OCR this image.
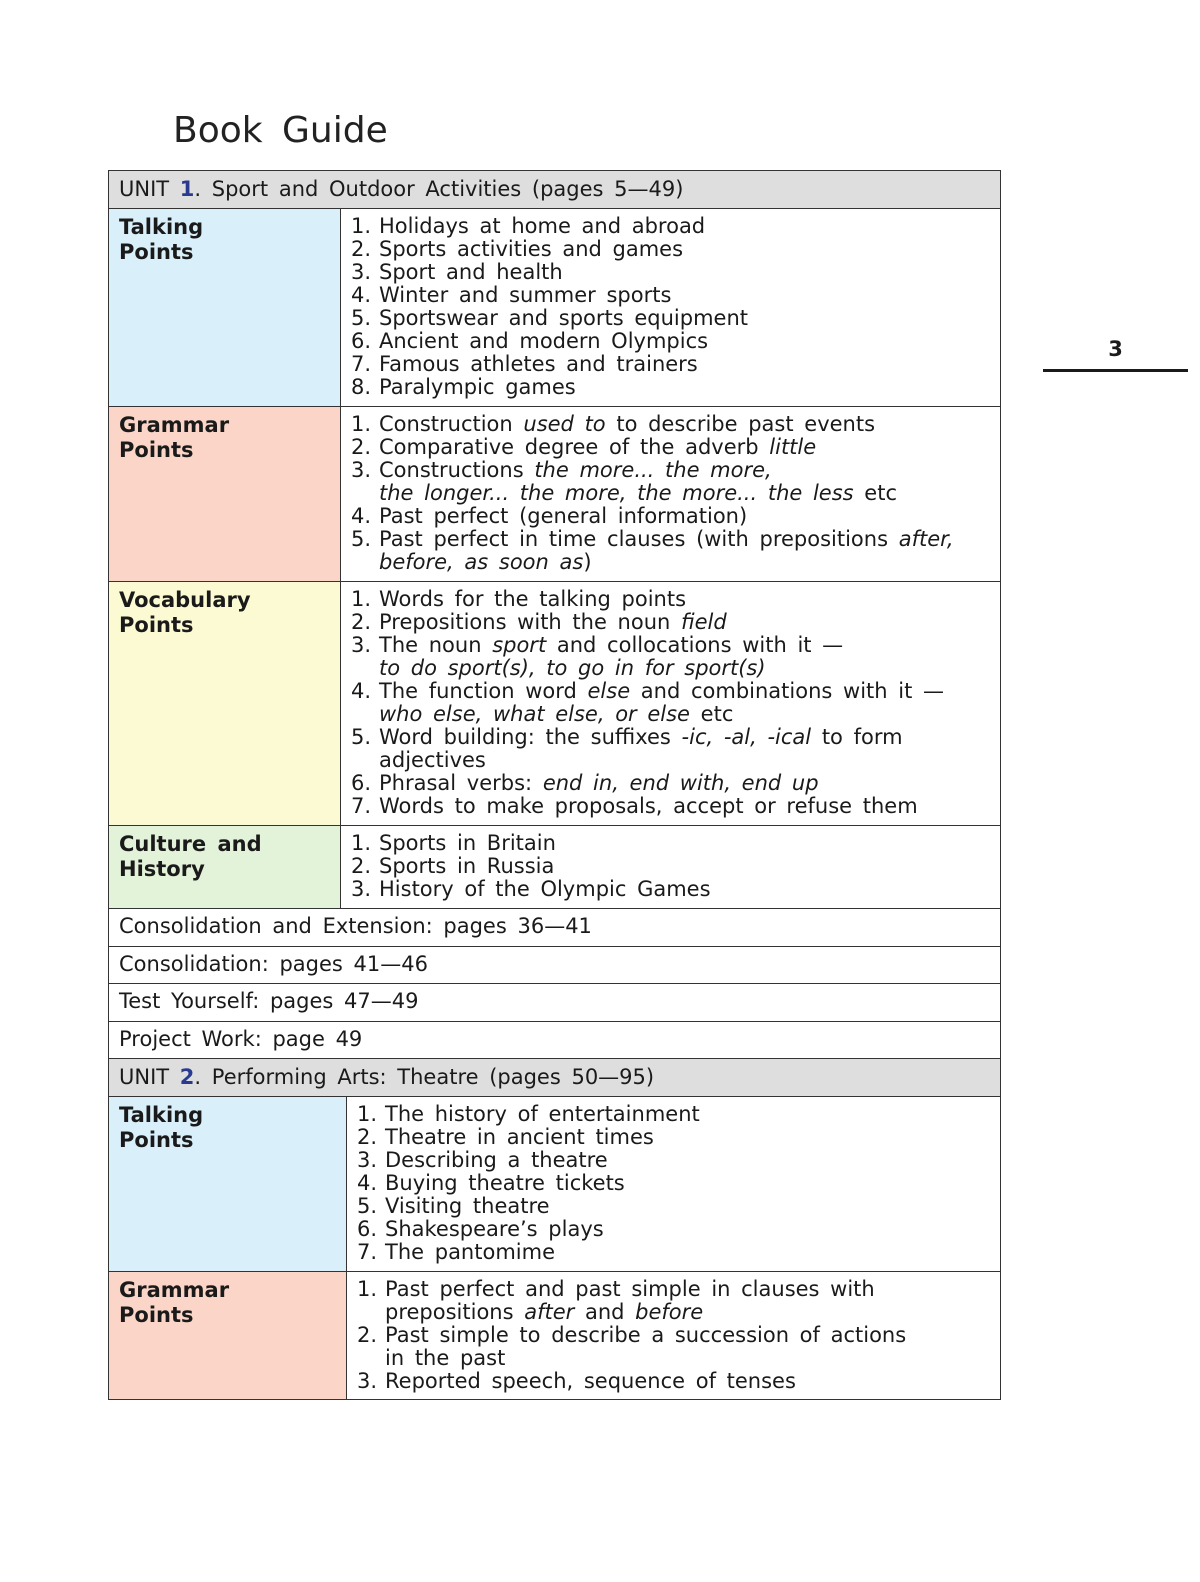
Book Guide
3
UNIT 1. Sport and Outdoor Activities (pages 5—49)
Talking
Points
1. Holidays at home and abroad
2. Sports activities and games
3. Sport and health
4. Winter and summer sports
5. Sportswear and sports equipment
6. Ancient and modern Olympics
7. Famous athletes and trainers
8. Paralympic games
Grammar
Points
1. Construction used to to describe past events
2. Comparative degree of the adverb little
3. Constructions the more... the more,
the longer... the more, the more... the less etc
4. Past perfect (general information)
5. Past perfect in time clauses (with prepositions after,
before, as soon as)
Vocabulary
Points
1. Words for the talking points
2. Prepositions with the noun field
3. The noun sport and collocations with it —
to do sport(s), to go in for sport(s)
4. The function word else and combinations with it —
who else, what else, or else etc
5. Word building: the suffixes -ic, -al, -ical to form
adjectives
6. Phrasal verbs: end in, end with, end up
7. Words to make proposals, accept or refuse them
Culture and
History
1. Sports in Britain
2. Sports in Russia
3. History of the Olympic Games
Consolidation and Extension: pages 36—41
Consolidation: pages 41—46
Test Yourself: pages 47—49
Project Work: page 49
UNIT 2. Performing Arts: Theatre (pages 50—95)
Talking
Points
1. The history of entertainment
2. Theatre in ancient times
3. Describing a theatre
4. Buying theatre tickets
5. Visiting theatre
6. Shakespeare’s plays
7. The pantomime
Grammar
Points
1. Past perfect and past simple in clauses with
prepositions after and before
2. Past simple to describe a succession of actions
in the past
3. Reported speech, sequence of tenses
